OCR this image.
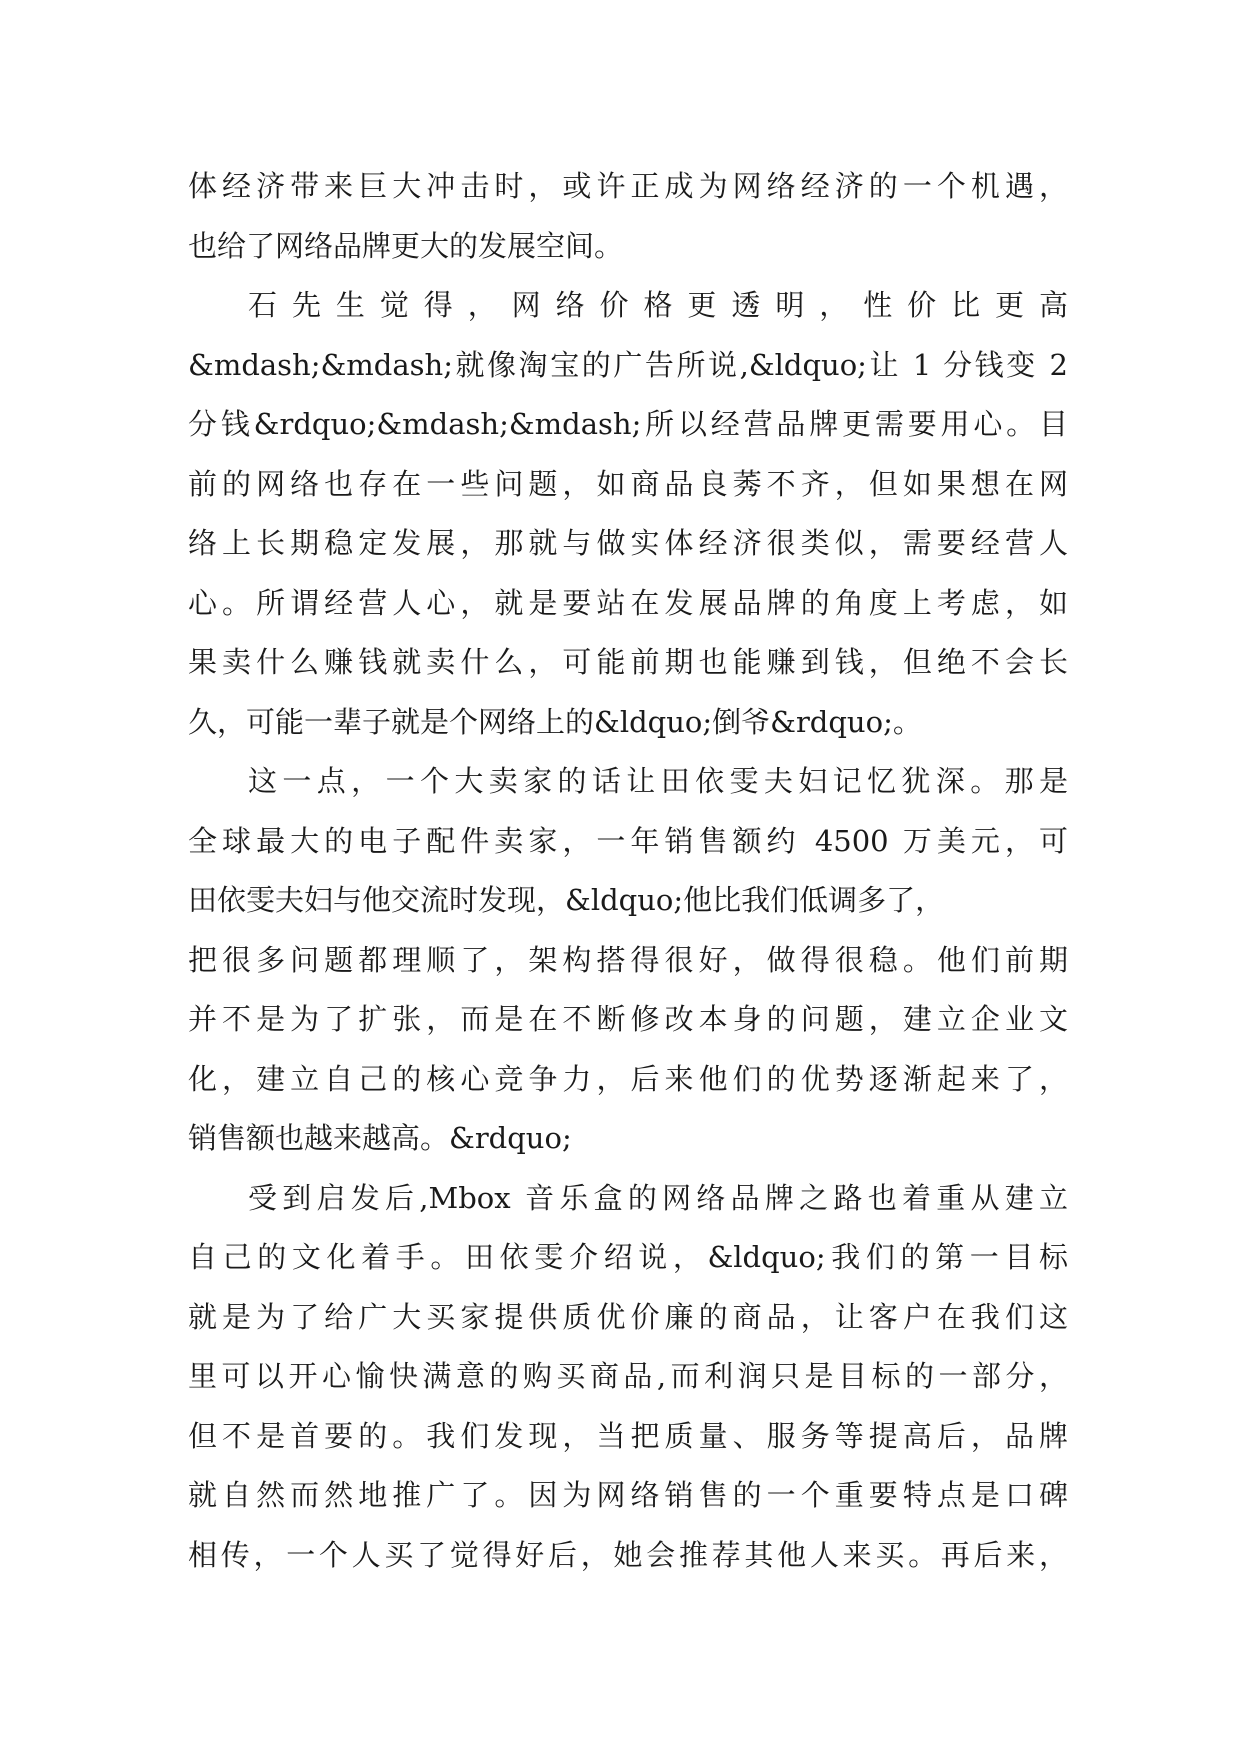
体经济带来巨大冲击时，或许正成为网络经济的一个机遇，
也给了网络品牌更大的发展空间。
石先生觉得，网络价格更透明，性价比更高
&mdash;&mdash;就像淘宝的广告所说,&ldquo;让 1 分钱变 2
分钱&rdquo;&mdash;&mdash;所以经营品牌更需要用心。目
前的网络也存在一些问题，如商品良莠不齐，但如果想在网
络上长期稳定发展，那就与做实体经济很类似，需要经营人
心。所谓经营人心，就是要站在发展品牌的角度上考虑，如
果卖什么赚钱就卖什么，可能前期也能赚到钱，但绝不会长
久，可能一辈子就是个网络上的&ldquo;倒爷&rdquo;。
这一点，一个大卖家的话让田依雯夫妇记忆犹深。那是
全球最大的电子配件卖家，一年销售额约 4500 万美元，可
田依雯夫妇与他交流时发现，&ldquo;他比我们低调多了，
把很多问题都理顺了，架构搭得很好，做得很稳。他们前期
并不是为了扩张，而是在不断修改本身的问题，建立企业文
化，建立自己的核心竞争力，后来他们的优势逐渐起来了，
销售额也越来越高。&rdquo;
受到启发后,Mbox 音乐盒的网络品牌之路也着重从建立
自己的文化着手。田依雯介绍说，&ldquo;我们的第一目标
就是为了给广大买家提供质优价廉的商品，让客户在我们这
里可以开心愉快满意的购买商品,而利润只是目标的一部分，
但不是首要的。我们发现，当把质量、服务等提高后，品牌
就自然而然地推广了。因为网络销售的一个重要特点是口碑
相传，一个人买了觉得好后，她会推荐其他人来买。再后来，
